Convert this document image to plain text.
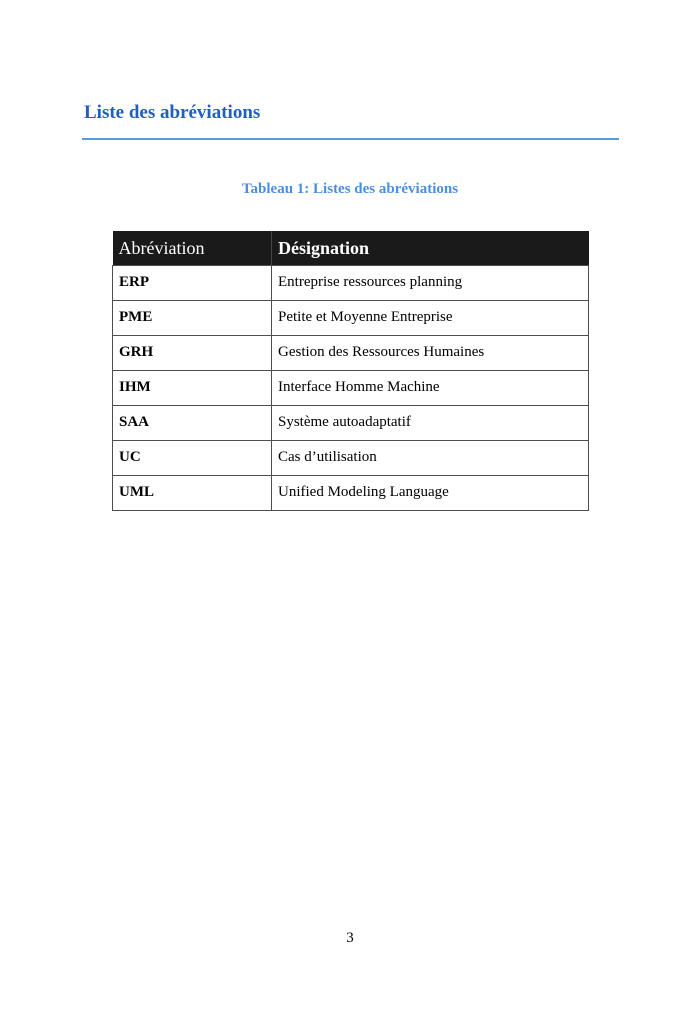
Liste des abréviations
Tableau 1: Listes des abréviations
Abréviation	Désignation
ERP	Entreprise ressources planning
PME	Petite et Moyenne Entreprise
GRH	Gestion des Ressources Humaines
IHM	Interface Homme Machine
SAA	Système autoadaptatif
UC	Cas d’utilisation
UML	Unified Modeling Language
3
